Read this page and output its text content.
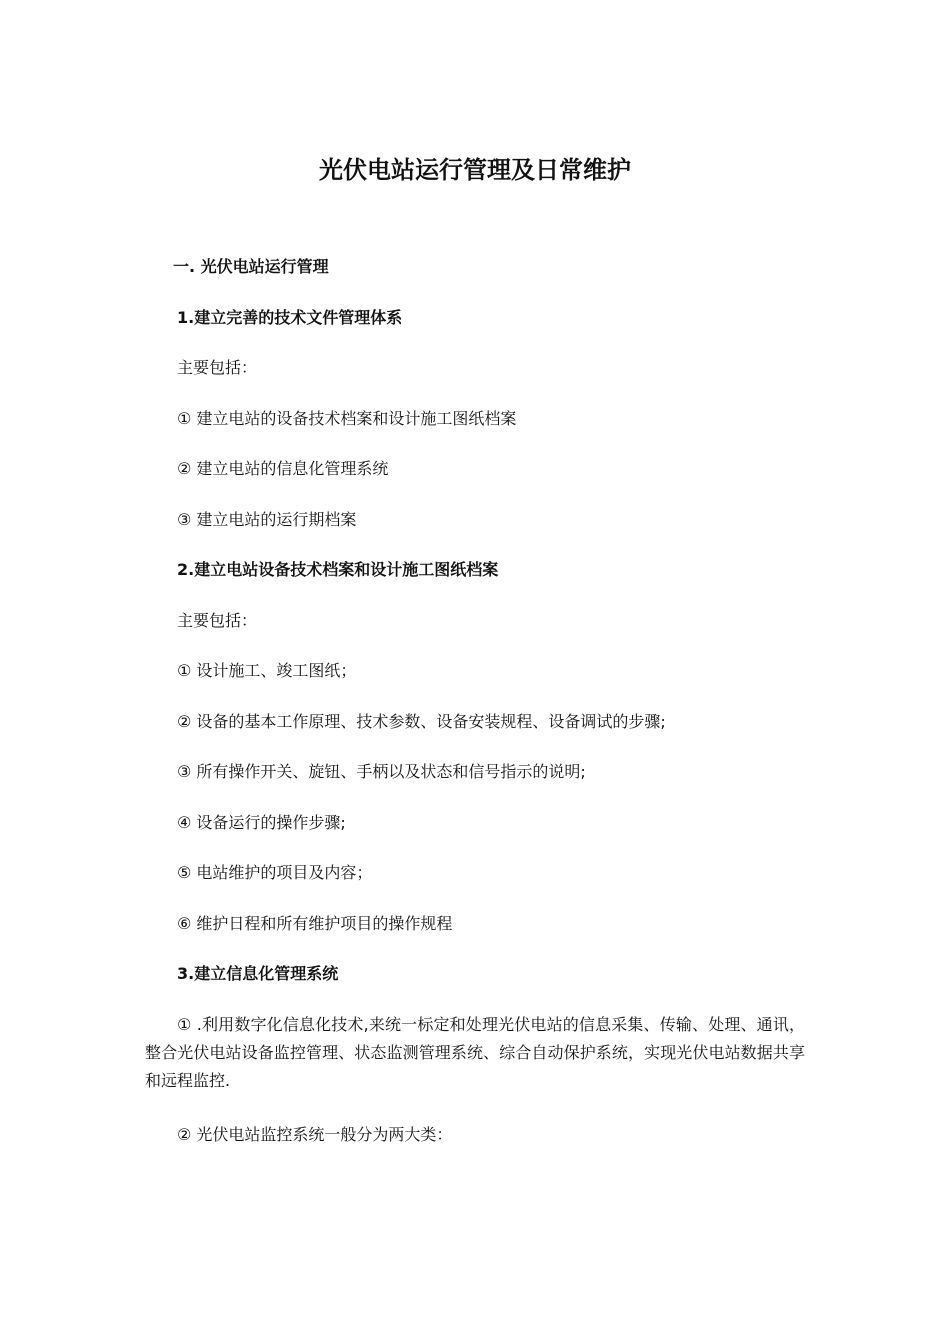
光伏电站运行管理及日常维护

一. 光伏电站运行管理

1.建立完善的技术文件管理体系

主要包括：

① 建立电站的设备技术档案和设计施工图纸档案

② 建立电站的信息化管理系统

③ 建立电站的运行期档案

2.建立电站设备技术档案和设计施工图纸档案

主要包括：

① 设计施工、竣工图纸；

② 设备的基本工作原理、技术参数、设备安装规程、设备调试的步骤;

③ 所有操作开关、旋钮、手柄以及状态和信号指示的说明;

④ 设备运行的操作步骤;

⑤ 电站维护的项目及内容；

⑥ 维护日程和所有维护项目的操作规程

3.建立信息化管理系统

① .利用数字化信息化技术,来统一标定和处理光伏电站的信息采集、传输、处理、通讯，整合光伏电站设备监控管理、状态监测管理系统、综合自动保护系统，实现光伏电站数据共享和远程监控.

② 光伏电站监控系统一般分为两大类：
